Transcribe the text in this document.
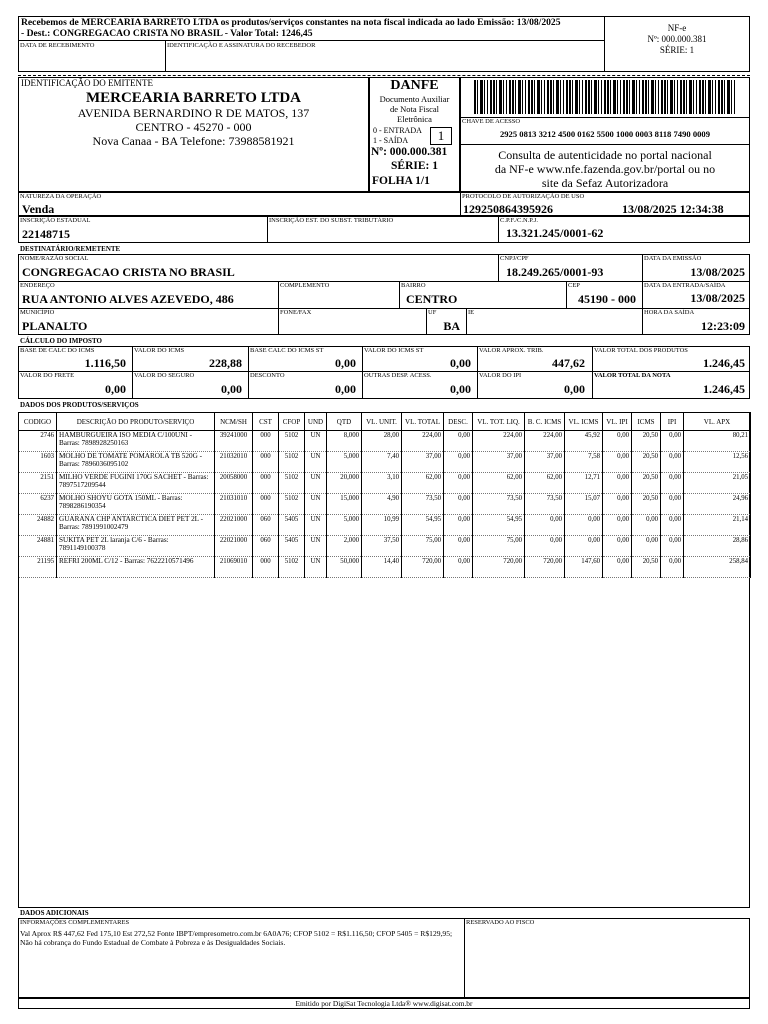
Recebemos de MERCEARIA BARRETO LTDA os produtos/serviços constantes na nota fiscal indicada ao lado Emissão: 13/08/2025
- Dest.: CONGREGACAO CRISTA NO BRASIL - Valor Total: 1246,45
DATA DE RECEBIMENTO	IDENTIFICAÇÃO E ASSINATURA DO RECEBEDOR
NF-e
Nº: 000.000.381
SÉRIE: 1
IDENTIFICAÇÃO DO EMITENTE
MERCEARIA BARRETO LTDA
AVENIDA BERNARDINO R DE MATOS, 137
CENTRO - 45270 - 000
Nova Canaa - BA Telefone: 73988581921
DANFE
Documento Auxiliar
de Nota Fiscal
Eletrônica
0 - ENTRADA
1 - SAÍDA	1
Nº: 000.000.381
SÉRIE: 1
FOLHA 1/1
CHAVE DE ACESSO
2925 0813 3212 4500 0162 5500 1000 0003 8118 7490 0009
Consulta de autenticidade no portal nacional
da NF-e www.nfe.fazenda.gov.br/portal ou no
site da Sefaz Autorizadora
NATUREZA DA OPERAÇÃO
Venda
PROTOCOLO DE AUTORIZAÇÃO DE USO
129250864395926	13/08/2025 12:34:38
INSCRIÇÃO ESTADUAL
22148715
INSCRIÇÃO EST. DO SUBST. TRIBUTÁRIO	C.P.F./C.N.P.J.
13.321.245/0001-62
DESTINATÁRIO/REMETENTE
NOME/RAZÃO SOCIAL
CONGREGACAO CRISTA NO BRASIL
CNPJ/CPF
18.249.265/0001-93
DATA DA EMISSÃO
13/08/2025
ENDEREÇO
RUA ANTONIO ALVES AZEVEDO, 486
COMPLEMENTO	BAIRRO
CENTRO
CEP
45190 - 000
DATA DA ENTRADA/SAÍDA
13/08/2025
MUNICÍPIO
PLANALTO
FONE/FAX	UF
BA
IE	HORA DA SAÍDA
12:23:09
CÁLCULO DO IMPOSTO
BASE DE CALC DO ICMS
1.116,50
VALOR DO ICMS
228,88
BASE CALC DO ICMS ST
0,00
VALOR DO ICMS ST
0,00
VALOR APROX. TRIB.
447,62
VALOR TOTAL DOS PRODUTOS
1.246,45
VALOR DO FRETE
0,00
VALOR DO SEGURO
0,00
DESCONTO
0,00
OUTRAS DESP. ACESS.
0,00
VALOR DO IPI
0,00
VALOR TOTAL DA NOTA
1.246,45
DADOS DOS PRODUTOS/SERVIÇOS
CODIGO	DESCRIÇÃO DO PRODUTO/SERVIÇO	NCM/SH	CST	CFOP	UND	QTD	VL. UNIT.	VL. TOTAL	DESC.	VL. TOT. LIQ.	B. C. ICMS	VL. ICMS	VL. IPI	ICMS	IPI	VL. APX
2746	HAMBURGUEIRA ISO MEDIA C/100UNI - Barras: 7898928250163	39241000	000	5102	UN	8,000	28,00	224,00	0,00	224,00	224,00	45,92	0,00	20,50	0,00	80,21
1603	MOLHO DE TOMATE POMAROLA TB 520G - Barras: 7896036095102	21032010	000	5102	UN	5,000	7,40	37,00	0,00	37,00	37,00	7,58	0,00	20,50	0,00	12,56
2151	MILHO VERDE FUGINI 170G SACHET - Barras: 7897517209544	20058000	000	5102	UN	20,000	3,10	62,00	0,00	62,00	62,00	12,71	0,00	20,50	0,00	21,05
6237	MOLHO SHOYU GOTA 150ML - Barras: 7898286190354	21031010	000	5102	UN	15,000	4,90	73,50	0,00	73,50	73,50	15,07	0,00	20,50	0,00	24,96
24882	GUARANA CHP ANTARCTICA DIET PET 2L - Barras: 7891991002479	22021000	060	5405	UN	5,000	10,99	54,95	0,00	54,95	0,00	0,00	0,00	0,00	0,00	21,14
24881	SUKITA PET 2L laranja C/6 - Barras: 7891149100378	22021000	060	5405	UN	2,000	37,50	75,00	0,00	75,00	0,00	0,00	0,00	0,00	0,00	28,86
21195	REFRI 200ML C/12 - Barras: 7622210571496	21069010	000	5102	UN	50,000	14,40	720,00	0,00	720,00	720,00	147,60	0,00	20,50	0,00	258,84
DADOS ADICIONAIS
INFORMAÇÕES COMPLEMENTARES
Val Aprox R$ 447,62 Fed 175,10 Est 272,52 Fonte IBPT/empresometro.com.br 6A0A76; CFOP 5102 = R$1.116,50; CFOP 5405 = R$129,95; Não há cobrança do Fundo Estadual de Combate à Pobreza e às Desigualdades Sociais.
RESERVADO AO FISCO
Emitido por DigiSat Tecnologia Ltda® www.digisat.com.br
